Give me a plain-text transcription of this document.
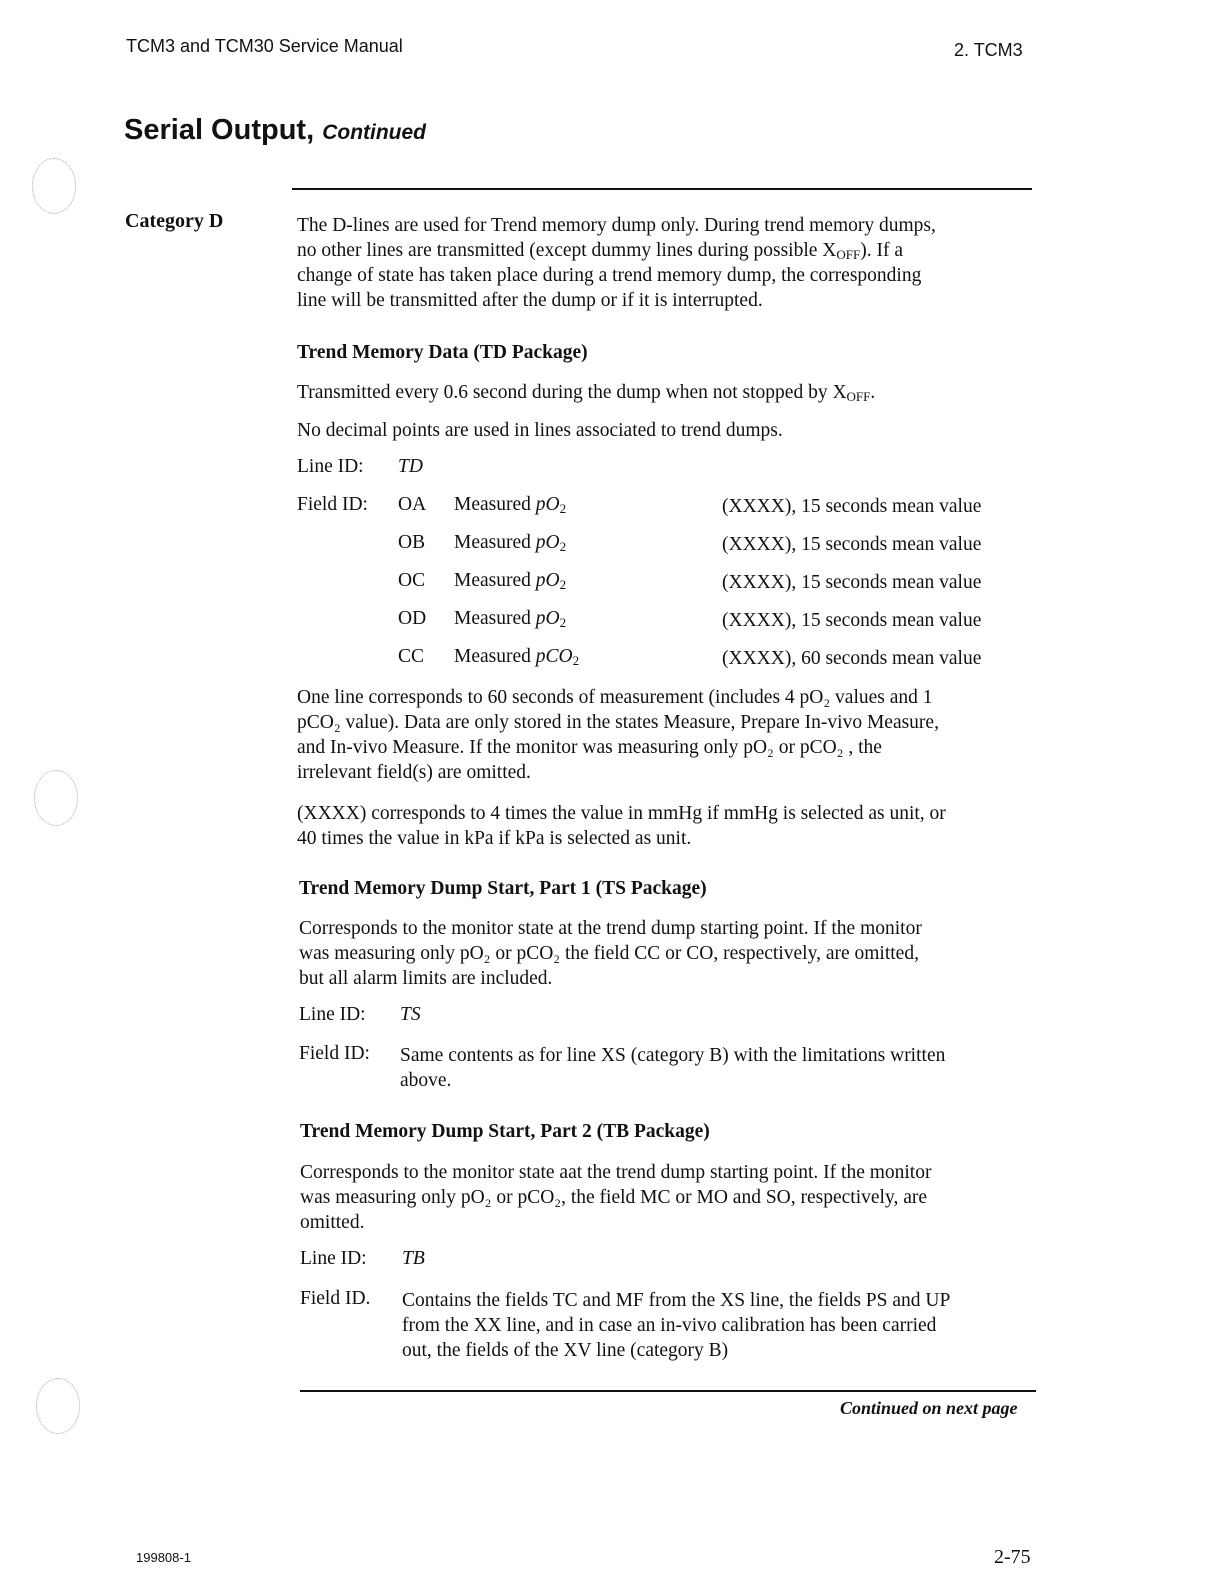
TCM3 and TCM30 Service Manual	2. TCM3
Serial Output, Continued
Category D	The D-lines are used for Trend memory dump only. During trend memory dumps,
no other lines are transmitted (except dummy lines during possible $X_{OFF}$). If a
change of state has taken place during a trend memory dump, the corresponding
line will be transmitted after the dump or if it is interrupted.
Trend Memory Data (TD Package)
Transmitted every 0.6 second during the dump when not stopped by $X_{OFF}$.
No decimal points are used in lines associated to trend dumps.
Line ID: TD
Field ID: OA Measured $pO_2$	(XXXX), 15 seconds mean value
OB Measured $pO_2$	(XXXX), 15 seconds mean value
OC Measured $pO_2$	(XXXX), 15 seconds mean value
OD Measured $pO_2$	(XXXX), 15 seconds mean value
CC Measured pCO$_2$	(XXXX), 60 seconds mean value
One line corresponds to 60 seconds of measurement (includes 4 pO₂ values and 1
pCO₂ value). Data are only stored in the states Measure, Prepare In-vivo Measure,
and In-vivo Measure. If the monitor was measuring only pO₂ or pCO₂ , the
irrelevant field(s) are omitted.
(XXXX) corresponds to 4 times the value in mmHg if mmHg is selected as unit, or
40 times the value in kPa if kPa is selected as unit.
Trend Memory Dump Start, Part 1 (TS Package)
Corresponds to the monitor state at the trend dump starting point. If the monitor
was measuring only pO₂ or pCO₂ the field CC or CO, respectively, are omitted,
but all alarm limits are included.
Line ID: TS
Field ID: Same contents as for line XS (category B) with the limitations written
above.
Trend Memory Dump Start, Part 2 (TB Package)
Corresponds to the monitor state aat the trend dump starting point. If the monitor
was measuring only pO₂ or pCO₂, the field MC or MO and SO, respectively, are
omitted.
Line ID: TB
Field ID. Contains the fields TC and MF from the XS line, the fields PS and UP
from the XX line, and in case an in-vivo calibration has been carried
out, the fields of the XV line (category B)
Continued on next page
199808-1	2-75
